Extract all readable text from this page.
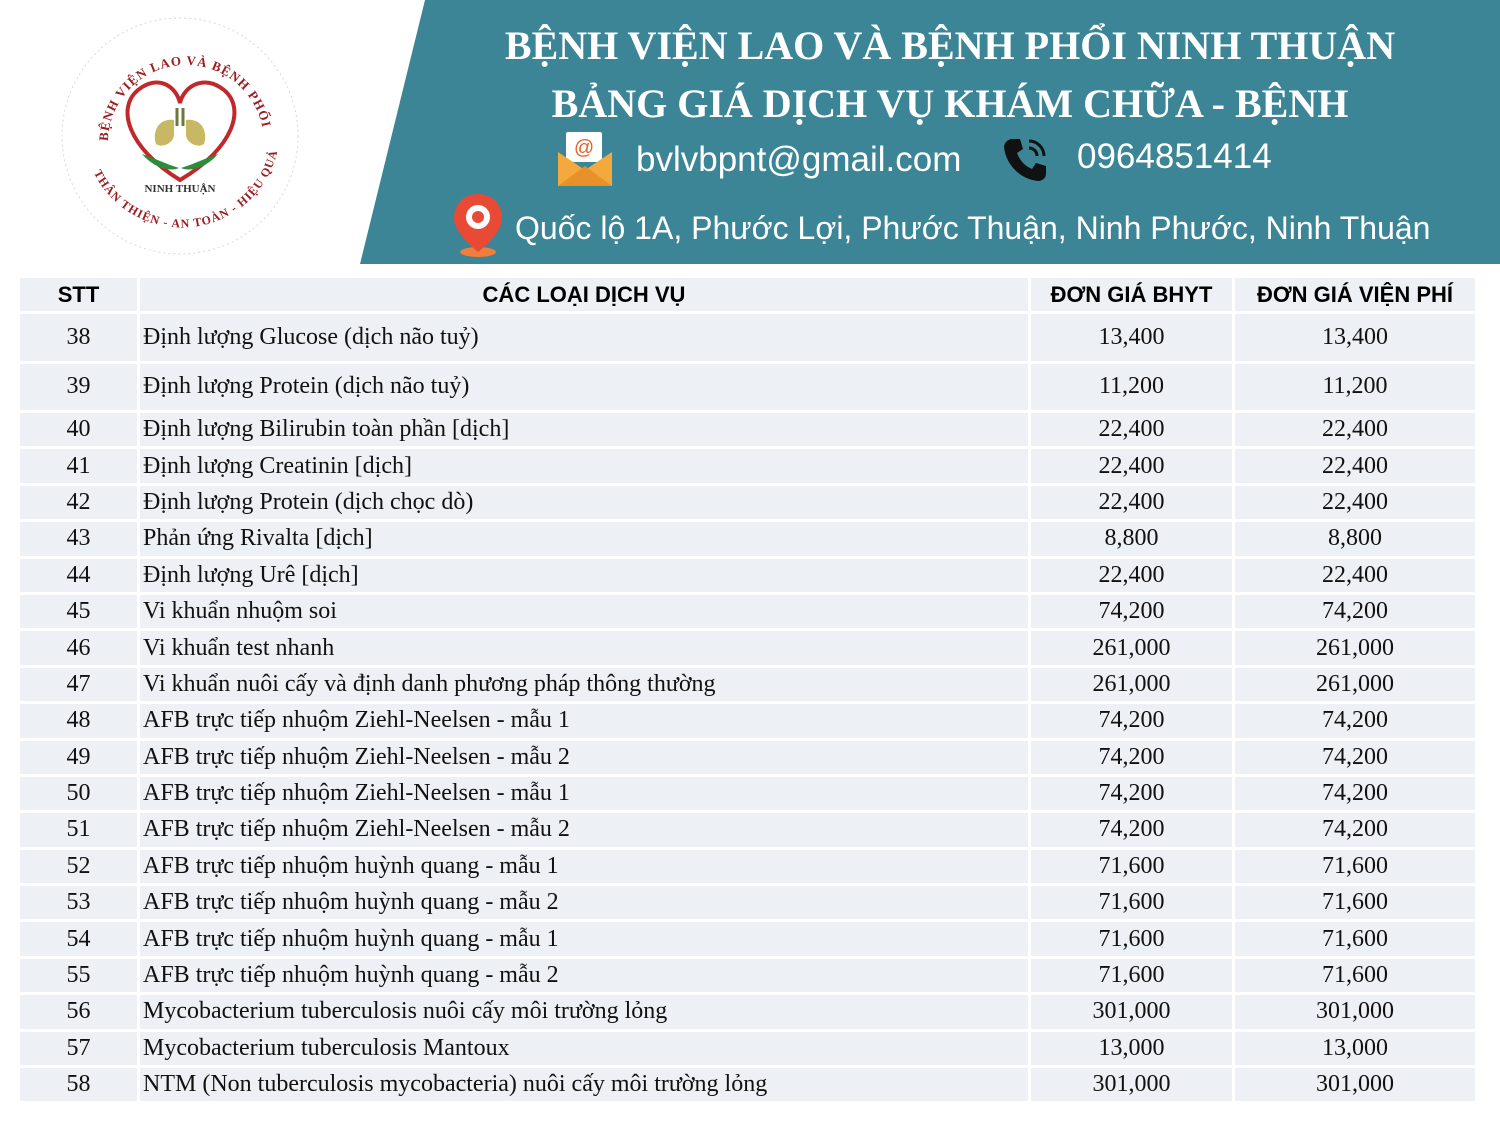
BỆNH VIỆN LAO VÀ BỆNH PHỔI
NINH THUẬN
THÂN THIỆN - AN TOÀN - HIỆU QUẢ
BỆNH VIỆN LAO VÀ BỆNH PHỔI NINH THUẬN
BẢNG GIÁ DỊCH VỤ KHÁM CHỮA - BỆNH
@ bvlvbpnt@gmail.com	0964851414
Quốc lộ 1A, Phước Lợi, Phước Thuận, Ninh Phước, Ninh Thuận
STT	CÁC LOẠI DỊCH VỤ	ĐƠN GIÁ BHYT	ĐƠN GIÁ VIỆN PHÍ
38	Định lượng Glucose (dịch não tuỷ)	13,400	13,400
39	Định lượng Protein (dịch não tuỷ)	11,200	11,200
40	Định lượng Bilirubin toàn phần [dịch]	22,400	22,400
41	Định lượng Creatinin [dịch]	22,400	22,400
42	Định lượng Protein (dịch chọc dò)	22,400	22,400
43	Phản ứng Rivalta [dịch]	8,800	8,800
44	Định lượng Urê [dịch]	22,400	22,400
45	Vi khuẩn nhuộm soi	74,200	74,200
46	Vi khuẩn test nhanh	261,000	261,000
47	Vi khuẩn nuôi cấy và định danh phương pháp thông thường	261,000	261,000
48	AFB trực tiếp nhuộm Ziehl-Neelsen - mẫu 1	74,200	74,200
49	AFB trực tiếp nhuộm Ziehl-Neelsen - mẫu 2	74,200	74,200
50	AFB trực tiếp nhuộm Ziehl-Neelsen - mẫu 1	74,200	74,200
51	AFB trực tiếp nhuộm Ziehl-Neelsen - mẫu 2	74,200	74,200
52	AFB trực tiếp nhuộm huỳnh quang - mẫu 1	71,600	71,600
53	AFB trực tiếp nhuộm huỳnh quang - mẫu 2	71,600	71,600
54	AFB trực tiếp nhuộm huỳnh quang - mẫu 1	71,600	71,600
55	AFB trực tiếp nhuộm huỳnh quang - mẫu 2	71,600	71,600
56	Mycobacterium tuberculosis nuôi cấy môi trường lỏng	301,000	301,000
57	Mycobacterium tuberculosis Mantoux	13,000	13,000
58	NTM (Non tuberculosis mycobacteria) nuôi cấy môi trường lỏng	301,000	301,000
